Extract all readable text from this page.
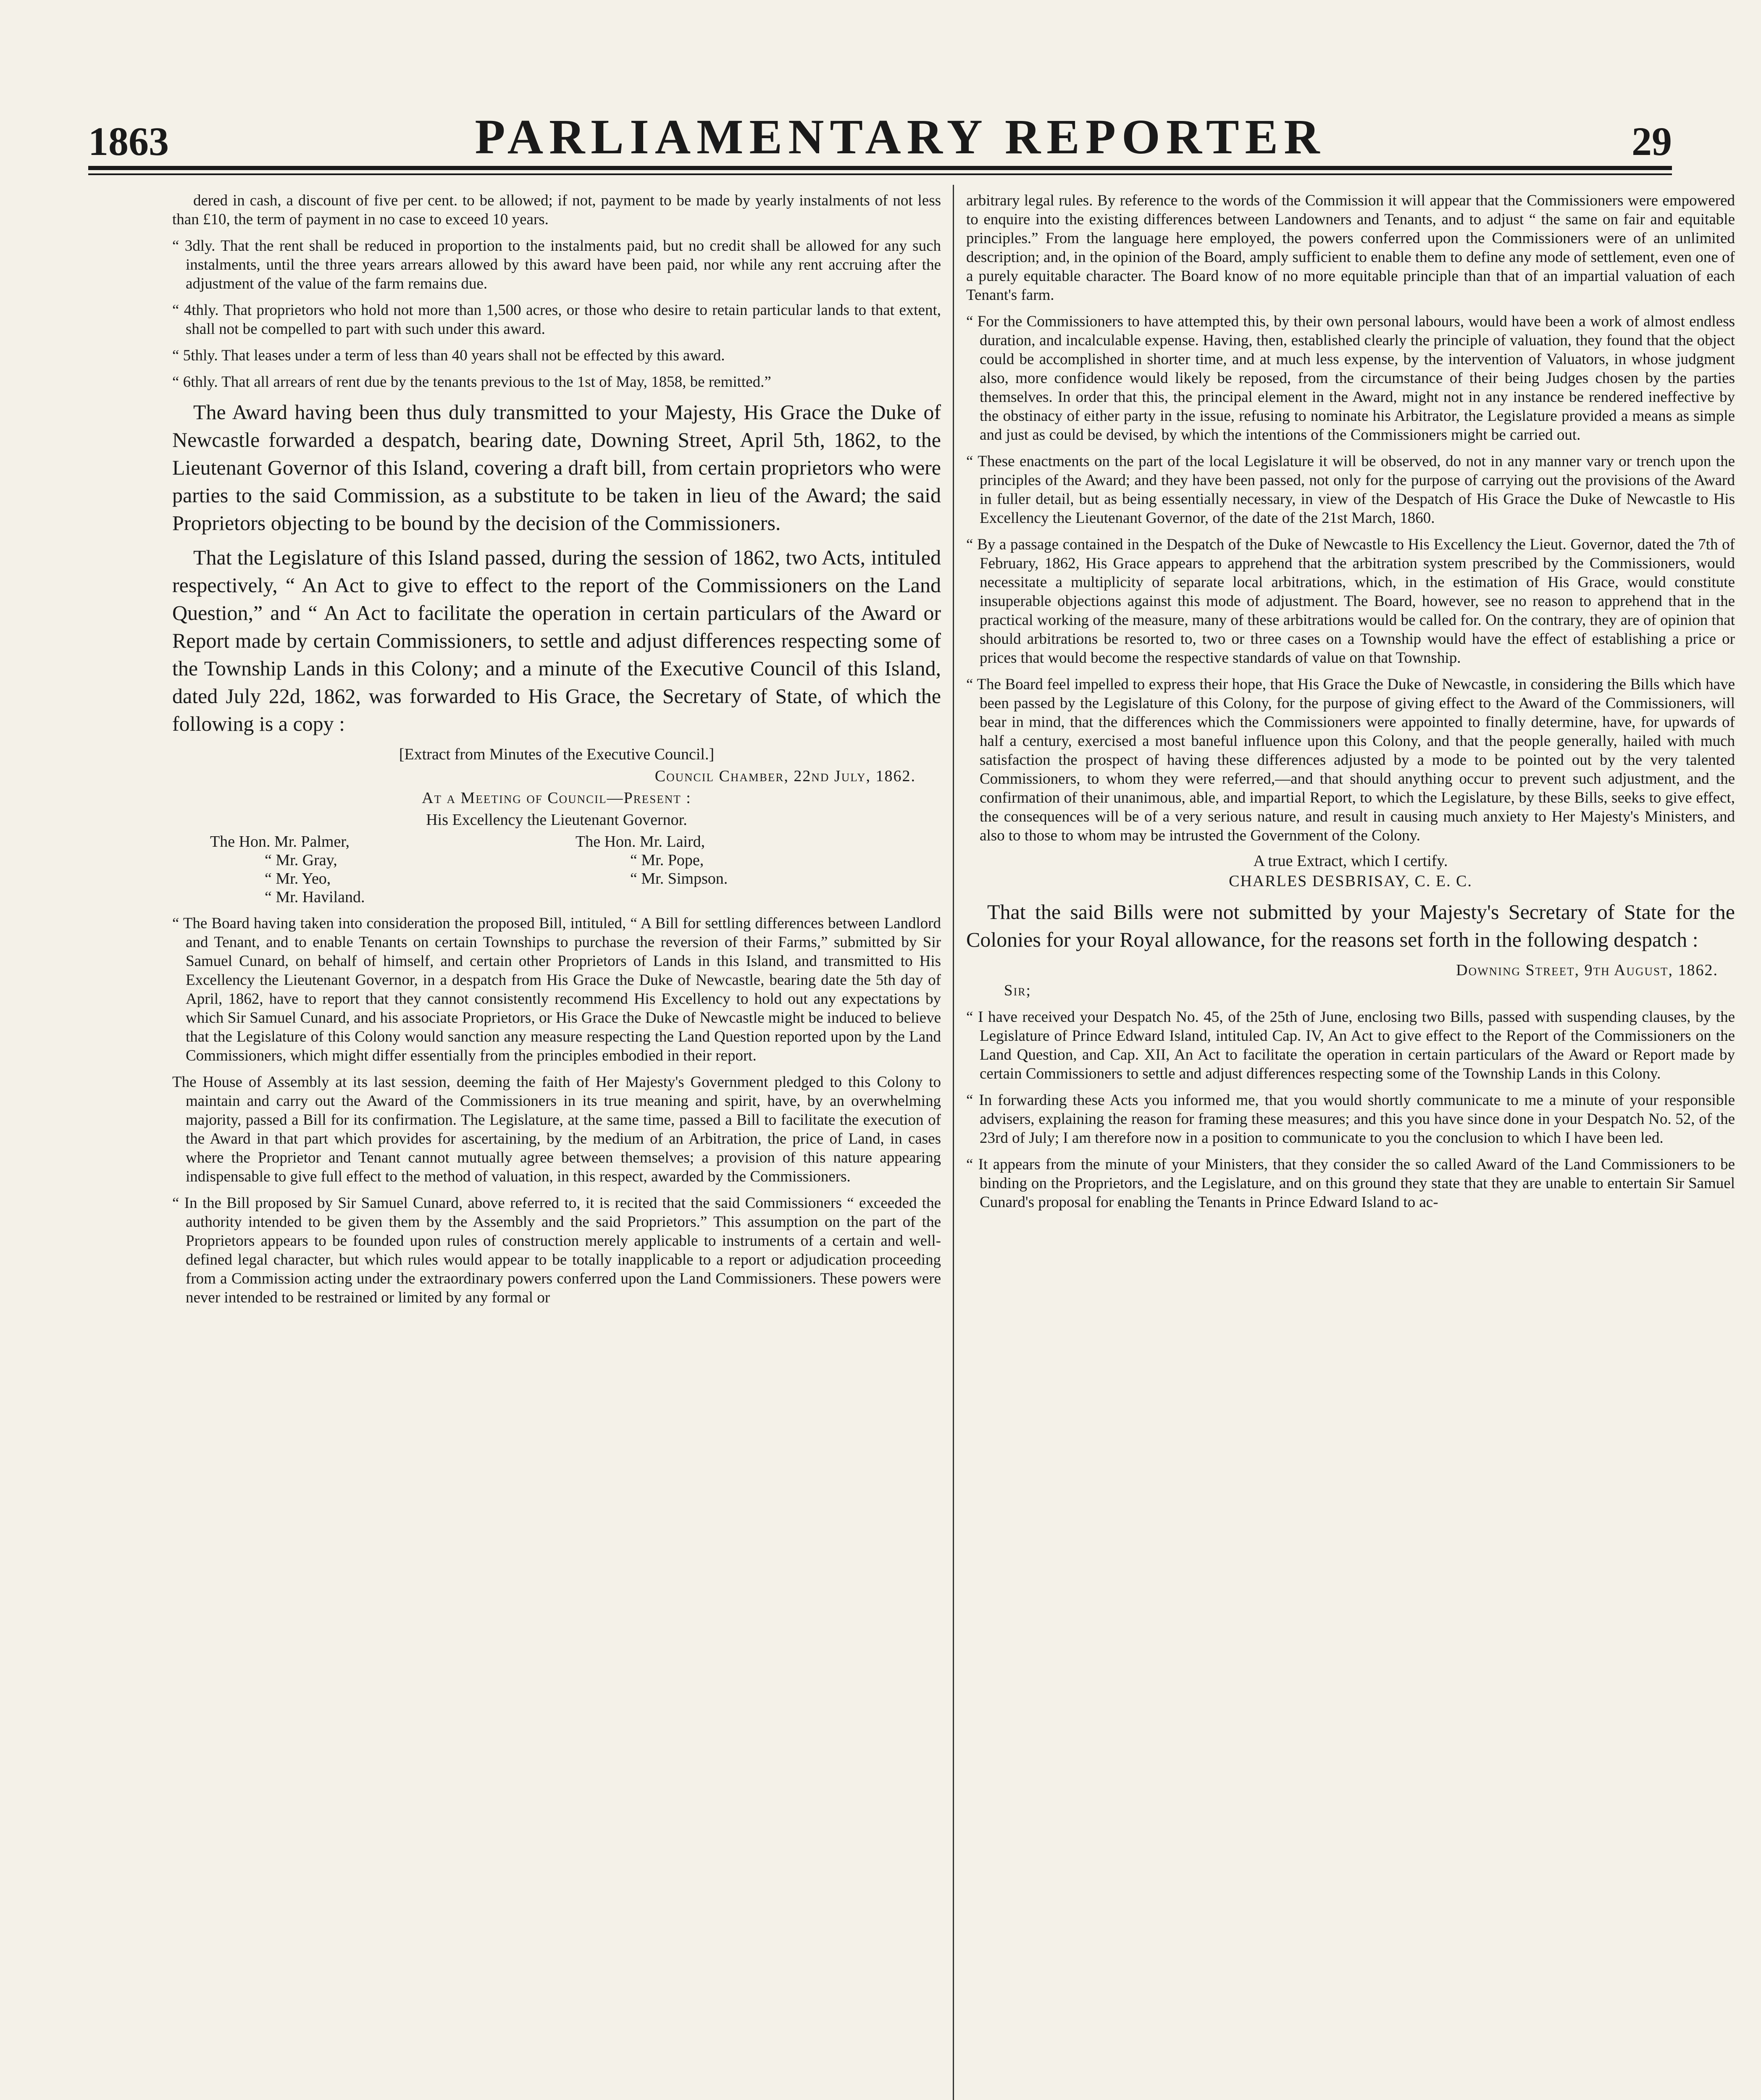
1863	PARLIAMENTARY REPORTER	29

dered in cash, a discount of five per cent. to be allowed; if not, payment to be made by yearly instalments of not less than £10, the term of payment in no case to exceed 10 years.

“ 3dly. That the rent shall be reduced in proportion to the instalments paid, but no credit shall be allowed for any such instalments, until the three years arrears allowed by this award have been paid, nor while any rent accruing after the adjustment of the value of the farm remains due.

“ 4thly. That proprietors who hold not more than 1,500 acres, or those who desire to retain particular lands to that extent, shall not be compelled to part with such under this award.

“ 5thly. That leases under a term of less than 40 years shall not be effected by this award.

“ 6thly. That all arrears of rent due by the tenants previous to the 1st of May, 1858, be remitted.”

The Award having been thus duly transmitted to your Majesty, His Grace the Duke of Newcastle forwarded a despatch, bearing date, Downing Street, April 5th, 1862, to the Lieutenant Governor of this Island, covering a draft bill, from certain proprietors who were parties to the said Commission, as a substitute to be taken in lieu of the Award; the said Proprietors objecting to be bound by the decision of the Commissioners.

That the Legislature of this Island passed, during the session of 1862, two Acts, intituled respectively, “ An Act to give to effect to the report of the Commissioners on the Land Question,” and “ An Act to facilitate the operation in certain particulars of the Award or Report made by certain Commissioners, to settle and adjust differences respecting some of the Township Lands in this Colony; and a minute of the Executive Council of this Island, dated July 22d, 1862, was forwarded to His Grace, the Secretary of State, of which the following is a copy :

[Extract from Minutes of the Executive Council.]

Council Chamber, 22nd July, 1862.

At a Meeting of Council—Present :

His Excellency the Lieutenant Governor.

The Hon. Mr. Palmer,	The Hon. Mr. Laird,
“ Mr. Gray,	“ Mr. Pope,
“ Mr. Yeo,	“ Mr. Simpson.
“ Mr. Haviland.

“ The Board having taken into consideration the proposed Bill, intituled, “ A Bill for settling differences between Landlord and Tenant, and to enable Tenants on certain Townships to purchase the reversion of their Farms,” submitted by Sir Samuel Cunard, on behalf of himself, and certain other Proprietors of Lands in this Island, and transmitted to His Excellency the Lieutenant Governor, in a despatch from His Grace the Duke of Newcastle, bearing date the 5th day of April, 1862, have to report that they cannot consistently recommend His Excellency to hold out any expectations by which Sir Samuel Cunard, and his associate Proprietors, or His Grace the Duke of Newcastle might be induced to believe that the Legislature of this Colony would sanction any measure respecting the Land Question reported upon by the Land Commissioners, which might differ essentially from the principles embodied in their report.

The House of Assembly at its last session, deeming the faith of Her Majesty's Government pledged to this Colony to maintain and carry out the Award of the Commissioners in its true meaning and spirit, have, by an overwhelming majority, passed a Bill for its confirmation. The Legislature, at the same time, passed a Bill to facilitate the execution of the Award in that part which provides for ascertaining, by the medium of an Arbitration, the price of Land, in cases where the Proprietor and Tenant cannot mutually agree between themselves; a provision of this nature appearing indispensable to give full effect to the method of valuation, in this respect, awarded by the Commissioners.

“ In the Bill proposed by Sir Samuel Cunard, above referred to, it is recited that the said Commissioners “ exceeded the authority intended to be given them by the Assembly and the said Proprietors.” This assumption on the part of the Proprietors appears to be founded upon rules of construction merely applicable to instruments of a certain and well-defined legal character, but which rules would appear to be totally inapplicable to a report or adjudication proceeding from a Commission acting under the extraordinary powers conferred upon the Land Commissioners. These powers were never intended to be restrained or limited by any formal or

arbitrary legal rules. By reference to the words of the Commission it will appear that the Commissioners were empowered to enquire into the existing differences between Landowners and Tenants, and to adjust “ the same on fair and equitable principles.” From the language here employed, the powers conferred upon the Commissioners were of an unlimited description; and, in the opinion of the Board, amply sufficient to enable them to define any mode of settlement, even one of a purely equitable character. The Board know of no more equitable principle than that of an impartial valuation of each Tenant's farm.

“ For the Commissioners to have attempted this, by their own personal labours, would have been a work of almost endless duration, and incalculable expense. Having, then, established clearly the principle of valuation, they found that the object could be accomplished in shorter time, and at much less expense, by the intervention of Valuators, in whose judgment also, more confidence would likely be reposed, from the circumstance of their being Judges chosen by the parties themselves. In order that this, the principal element in the Award, might not in any instance be rendered ineffective by the obstinacy of either party in the issue, refusing to nominate his Arbitrator, the Legislature provided a means as simple and just as could be devised, by which the intentions of the Commissioners might be carried out.

“ These enactments on the part of the local Legislature it will be observed, do not in any manner vary or trench upon the principles of the Award; and they have been passed, not only for the purpose of carrying out the provisions of the Award in fuller detail, but as being essentially necessary, in view of the Despatch of His Grace the Duke of Newcastle to His Excellency the Lieutenant Governor, of the date of the 21st March, 1860.

“ By a passage contained in the Despatch of the Duke of Newcastle to His Excellency the Lieut. Governor, dated the 7th of February, 1862, His Grace appears to apprehend that the arbitration system prescribed by the Commissioners, would necessitate a multiplicity of separate local arbitrations, which, in the estimation of His Grace, would constitute insuperable objections against this mode of adjustment. The Board, however, see no reason to apprehend that in the practical working of the measure, many of these arbitrations would be called for. On the contrary, they are of opinion that should arbitrations be resorted to, two or three cases on a Township would have the effect of establishing a price or prices that would become the respective standards of value on that Township.

“ The Board feel impelled to express their hope, that His Grace the Duke of Newcastle, in considering the Bills which have been passed by the Legislature of this Colony, for the purpose of giving effect to the Award of the Commissioners, will bear in mind, that the differences which the Commissioners were appointed to finally determine, have, for upwards of half a century, exercised a most baneful influence upon this Colony, and that the people generally, hailed with much satisfaction the prospect of having these differences adjusted by a mode to be pointed out by the very talented Commissioners, to whom they were referred,—and that should anything occur to prevent such adjustment, and the confirmation of their unanimous, able, and impartial Report, to which the Legislature, by these Bills, seeks to give effect, the consequences will be of a very serious nature, and result in causing much anxiety to Her Majesty's Ministers, and also to those to whom may be intrusted the Government of the Colony.

A true Extract, which I certify.

CHARLES DESBRISAY, C. E. C.

That the said Bills were not submitted by your Majesty's Secretary of State for the Colonies for your Royal allowance, for the reasons set forth in the following despatch :

Downing Street, 9th August, 1862.

Sir;

“ I have received your Despatch No. 45, of the 25th of June, enclosing two Bills, passed with suspending clauses, by the Legislature of Prince Edward Island, intituled Cap. IV, An Act to give effect to the Report of the Commissioners on the Land Question, and Cap. XII, An Act to facilitate the operation in certain particulars of the Award or Report made by certain Commissioners to settle and adjust differences respecting some of the Township Lands in this Colony.

“ In forwarding these Acts you informed me, that you would shortly communicate to me a minute of your responsible advisers, explaining the reason for framing these measures; and this you have since done in your Despatch No. 52, of the 23rd of July; I am therefore now in a position to communicate to you the conclusion to which I have been led.

“ It appears from the minute of your Ministers, that they consider the so called Award of the Land Commissioners to be binding on the Proprietors, and the Legislature, and on this ground they state that they are unable to entertain Sir Samuel Cunard's proposal for enabling the Tenants in Prince Edward Island to ac-
